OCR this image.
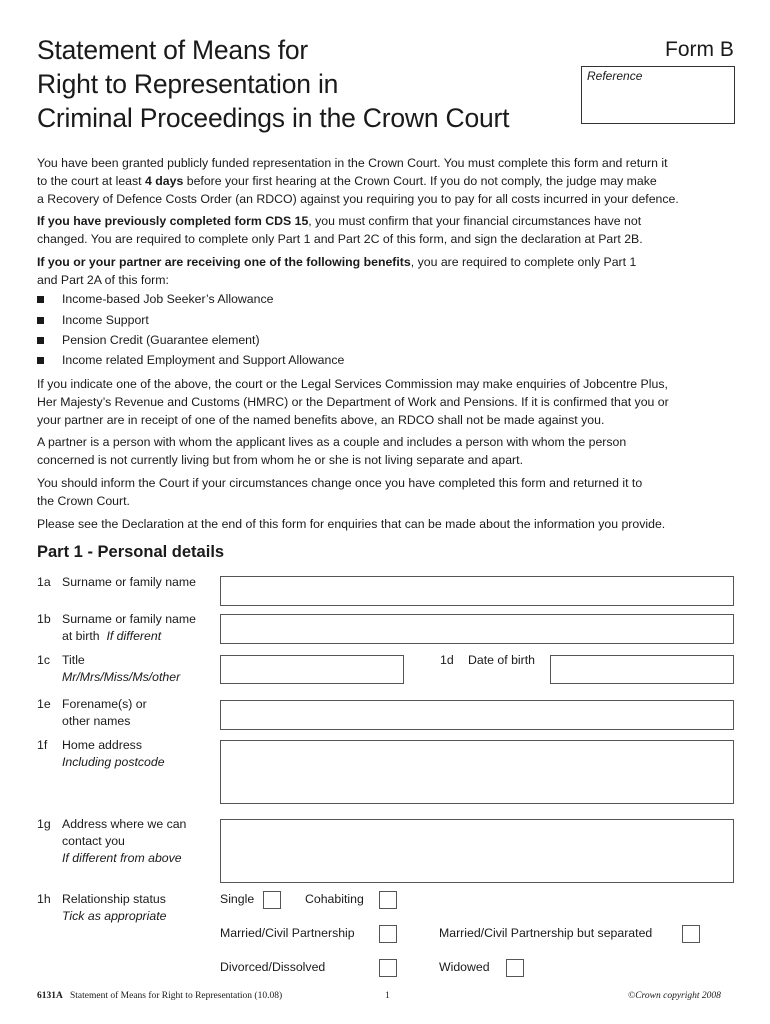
Statement of Means for
Right to Representation in
Criminal Proceedings in the Crown Court
Form B
Reference
You have been granted publicly funded representation in the Crown Court. You must complete this form and return it
to the court at least 4 days before your first hearing at the Crown Court. If you do not comply, the judge may make
a Recovery of Defence Costs Order (an RDCO) against you requiring you to pay for all costs incurred in your defence.
If you have previously completed form CDS 15, you must confirm that your financial circumstances have not
changed. You are required to complete only Part 1 and Part 2C of this form, and sign the declaration at Part 2B.
If you or your partner are receiving one of the following benefits, you are required to complete only Part 1
and Part 2A of this form:
Income-based Job Seeker’s Allowance
Income Support
Pension Credit (Guarantee element)
Income related Employment and Support Allowance
If you indicate one of the above, the court or the Legal Services Commission may make enquiries of Jobcentre Plus,
Her Majesty’s Revenue and Customs (HMRC) or the Department of Work and Pensions. If it is confirmed that you or
your partner are in receipt of one of the named benefits above, an RDCO shall not be made against you.
A partner is a person with whom the applicant lives as a couple and includes a person with whom the person
concerned is not currently living but from whom he or she is not living separate and apart.
You should inform the Court if your circumstances change once you have completed this form and returned it to
the Crown Court.
Please see the Declaration at the end of this form for enquiries that can be made about the information you provide.
Part 1 - Personal details
1a Surname or family name
1b Surname or family name
at birth If different
1c Title
Mr/Mrs/Miss/Ms/other
1d Date of birth
1e Forename(s) or
other names
1f Home address
Including postcode
1g Address where we can
contact you
If different from above
1h Relationship status
Tick as appropriate
Single	Cohabiting
Married/Civil Partnership	Married/Civil Partnership but separated
Divorced/Dissolved	Widowed
6131A Statement of Means for Right to Representation (10.08)	1	©Crown copyright 2008
